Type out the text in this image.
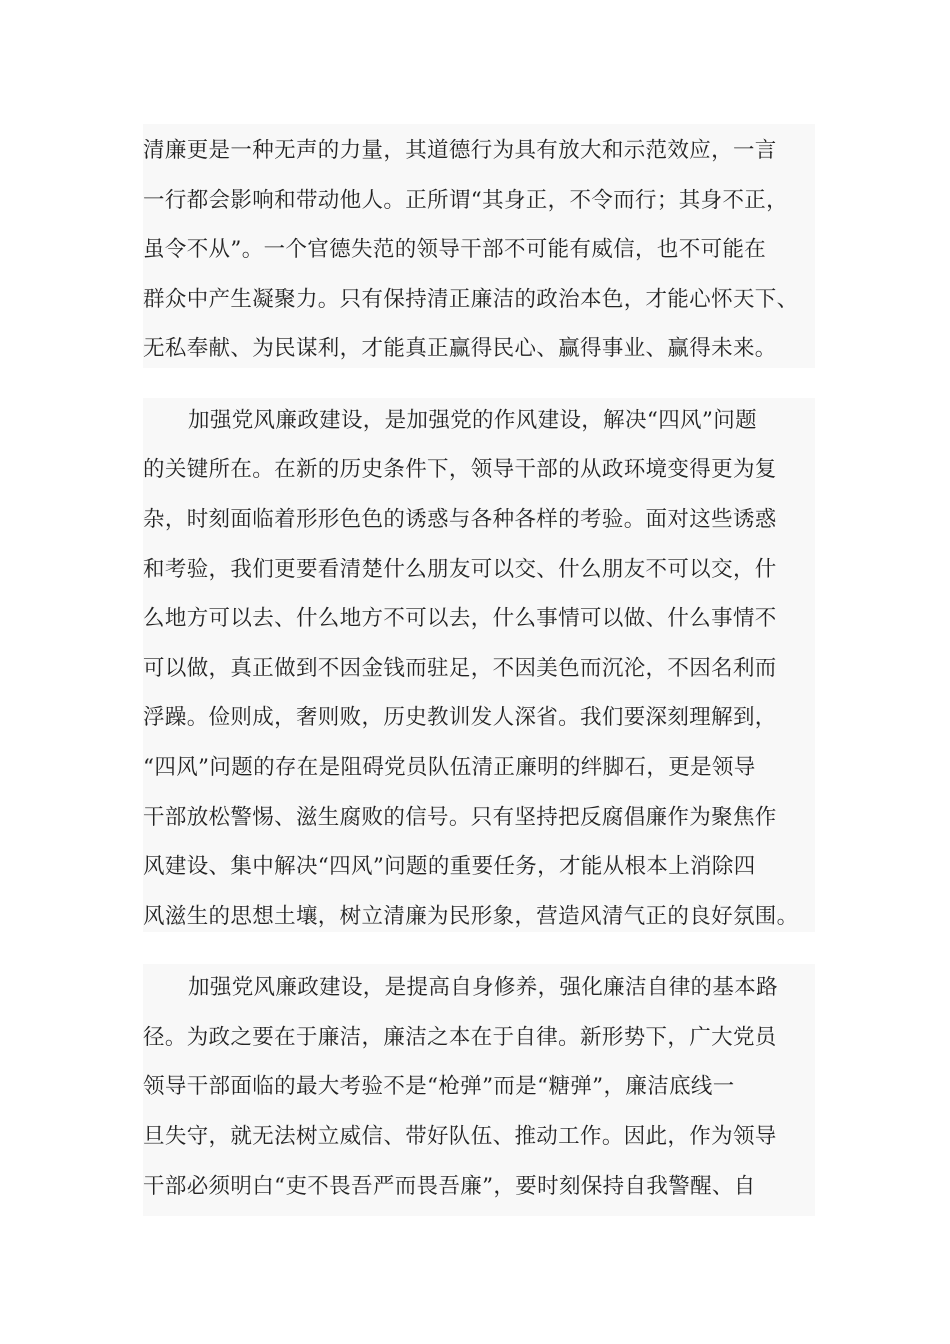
清廉更是一种无声的力量，其道德行为具有放大和示范效应，一言
一行都会影响和带动他人。正所谓“其身正，不令而行；其身不正，
虽令不从”。一个官德失范的领导干部不可能有威信，也不可能在
群众中产生凝聚力。只有保持清正廉洁的政治本色，才能心怀天下、
无私奉献、为民谋利，才能真正赢得民心、赢得事业、赢得未来。
加强党风廉政建设，是加强党的作风建设，解决“四风”问题
的关键所在。在新的历史条件下，领导干部的从政环境变得更为复
杂，时刻面临着形形色色的诱惑与各种各样的考验。面对这些诱惑
和考验，我们更要看清楚什么朋友可以交、什么朋友不可以交，什
么地方可以去、什么地方不可以去，什么事情可以做、什么事情不
可以做，真正做到不因金钱而驻足，不因美色而沉沦，不因名利而
浮躁。俭则成，奢则败，历史教训发人深省。我们要深刻理解到，
“四风”问题的存在是阻碍党员队伍清正廉明的绊脚石，更是领导
干部放松警惕、滋生腐败的信号。只有坚持把反腐倡廉作为聚焦作
风建设、集中解决“四风”问题的重要任务，才能从根本上消除四
风滋生的思想土壤，树立清廉为民形象，营造风清气正的良好氛围。
加强党风廉政建设，是提高自身修养，强化廉洁自律的基本路
径。为政之要在于廉洁，廉洁之本在于自律。新形势下，广大党员
领导干部面临的最大考验不是“枪弹”而是“糖弹”，廉洁底线一
旦失守，就无法树立威信、带好队伍、推动工作。因此，作为领导
干部必须明白“吏不畏吾严而畏吾廉”，要时刻保持自我警醒、自
